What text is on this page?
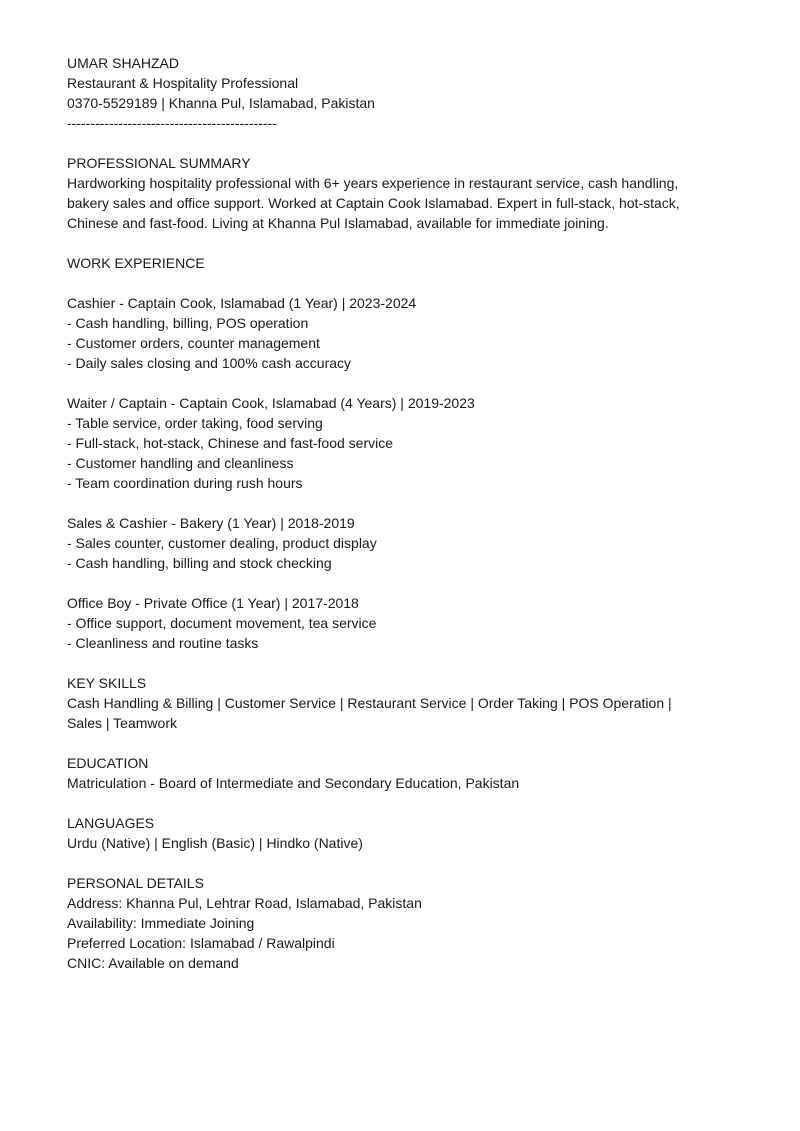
UMAR SHAHZAD

Restaurant & Hospitality Professional

0370-5529189 | Khanna Pul, Islamabad, Pakistan

---------------------------------------------

PROFESSIONAL SUMMARY

Hardworking hospitality professional with 6+ years experience in restaurant service, cash handling, bakery sales and office support. Worked at Captain Cook Islamabad. Expert in full-stack, hot-stack, Chinese and fast-food. Living at Khanna Pul Islamabad, available for immediate joining.

WORK EXPERIENCE

Cashier - Captain Cook, Islamabad (1 Year) | 2023-2024

- Cash handling, billing, POS operation
- Customer orders, counter management
- Daily sales closing and 100% cash accuracy

Waiter / Captain - Captain Cook, Islamabad (4 Years) | 2019-2023

- Table service, order taking, food serving
- Full-stack, hot-stack, Chinese and fast-food service
- Customer handling and cleanliness
- Team coordination during rush hours

Sales & Cashier - Bakery (1 Year) | 2018-2019

- Sales counter, customer dealing, product display
- Cash handling, billing and stock checking

Office Boy - Private Office (1 Year) | 2017-2018

- Office support, document movement, tea service
- Cleanliness and routine tasks

KEY SKILLS

Cash Handling & Billing | Customer Service | Restaurant Service | Order Taking | POS Operation | Sales | Teamwork

EDUCATION

Matriculation - Board of Intermediate and Secondary Education, Pakistan

LANGUAGES

Urdu (Native) | English (Basic) | Hindko (Native)

PERSONAL DETAILS

Address: Khanna Pul, Lehtrar Road, Islamabad, Pakistan

Availability: Immediate Joining

Preferred Location: Islamabad / Rawalpindi

CNIC: Available on demand
